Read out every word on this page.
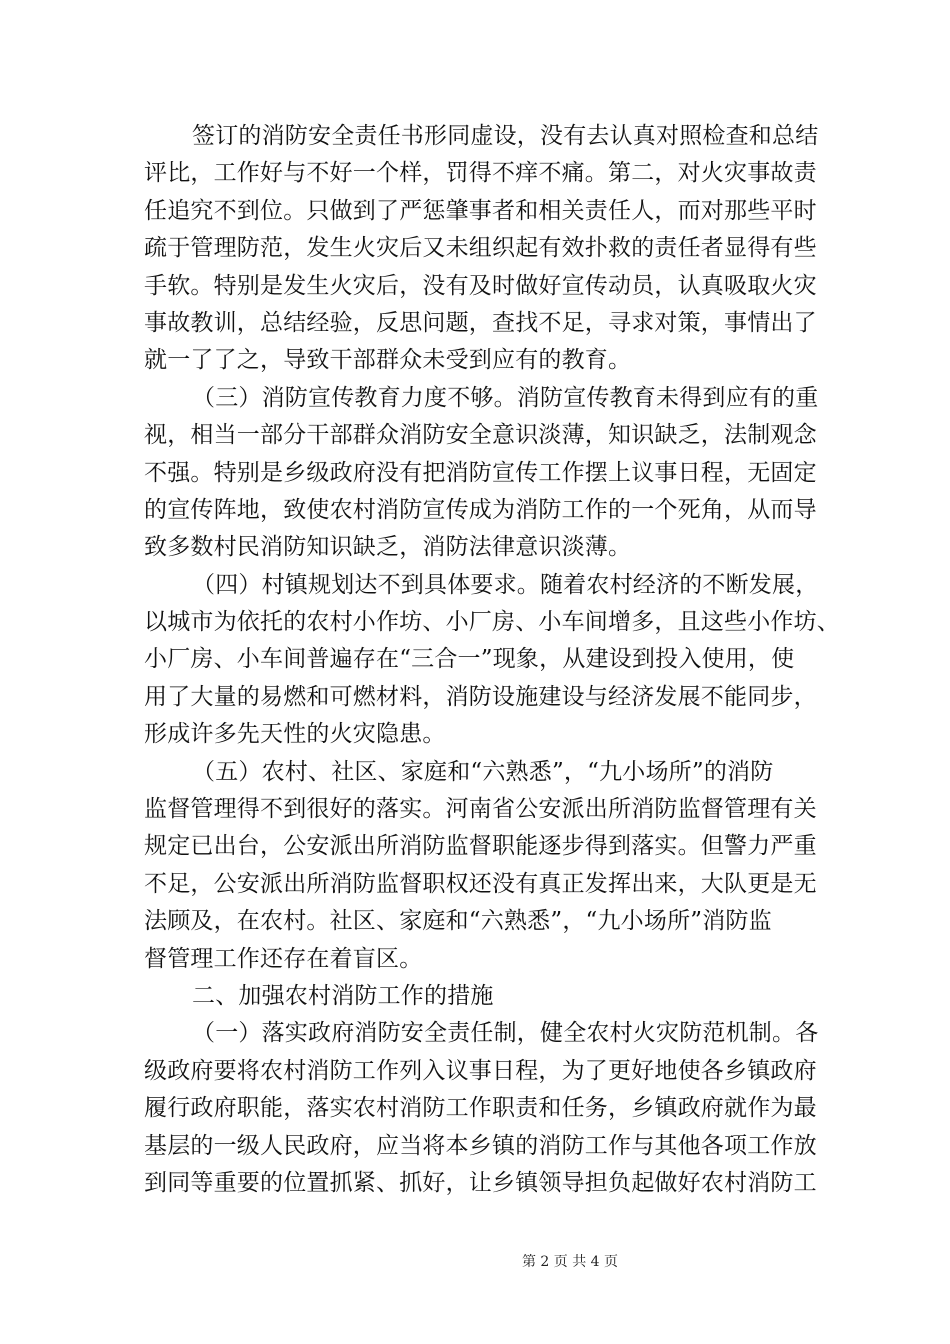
签订的消防安全责任书形同虚设，没有去认真对照检查和总结
评比，工作好与不好一个样，罚得不痒不痛。第二，对火灾事故责
任追究不到位。只做到了严惩肇事者和相关责任人，而对那些平时
疏于管理防范，发生火灾后又未组织起有效扑救的责任者显得有些
手软。特别是发生火灾后，没有及时做好宣传动员，认真吸取火灾
事故教训，总结经验，反思问题，查找不足，寻求对策，事情出了
就一了了之，导致干部群众未受到应有的教育。
（三）消防宣传教育力度不够。消防宣传教育未得到应有的重
视，相当一部分干部群众消防安全意识淡薄，知识缺乏，法制观念
不强。特别是乡级政府没有把消防宣传工作摆上议事日程，无固定
的宣传阵地，致使农村消防宣传成为消防工作的一个死角，从而导
致多数村民消防知识缺乏，消防法律意识淡薄。
（四）村镇规划达不到具体要求。随着农村经济的不断发展，
以城市为依托的农村小作坊、小厂房、小车间增多，且这些小作坊、
小厂房、小车间普遍存在“三合一”现象，从建设到投入使用，使
用了大量的易燃和可燃材料，消防设施建设与经济发展不能同步，
形成许多先天性的火灾隐患。
（五）农村、社区、家庭和“六熟悉”，“九小场所”的消防
监督管理得不到很好的落实。河南省公安派出所消防监督管理有关
规定已出台，公安派出所消防监督职能逐步得到落实。但警力严重
不足，公安派出所消防监督职权还没有真正发挥出来，大队更是无
法顾及，在农村。社区、家庭和“六熟悉”，“九小场所”消防监
督管理工作还存在着盲区。
二、加强农村消防工作的措施
（一）落实政府消防安全责任制，健全农村火灾防范机制。各
级政府要将农村消防工作列入议事日程，为了更好地使各乡镇政府
履行政府职能，落实农村消防工作职责和任务，乡镇政府就作为最
基层的一级人民政府，应当将本乡镇的消防工作与其他各项工作放
到同等重要的位置抓紧、抓好，让乡镇领导担负起做好农村消防工
第 2 页 共 4 页
